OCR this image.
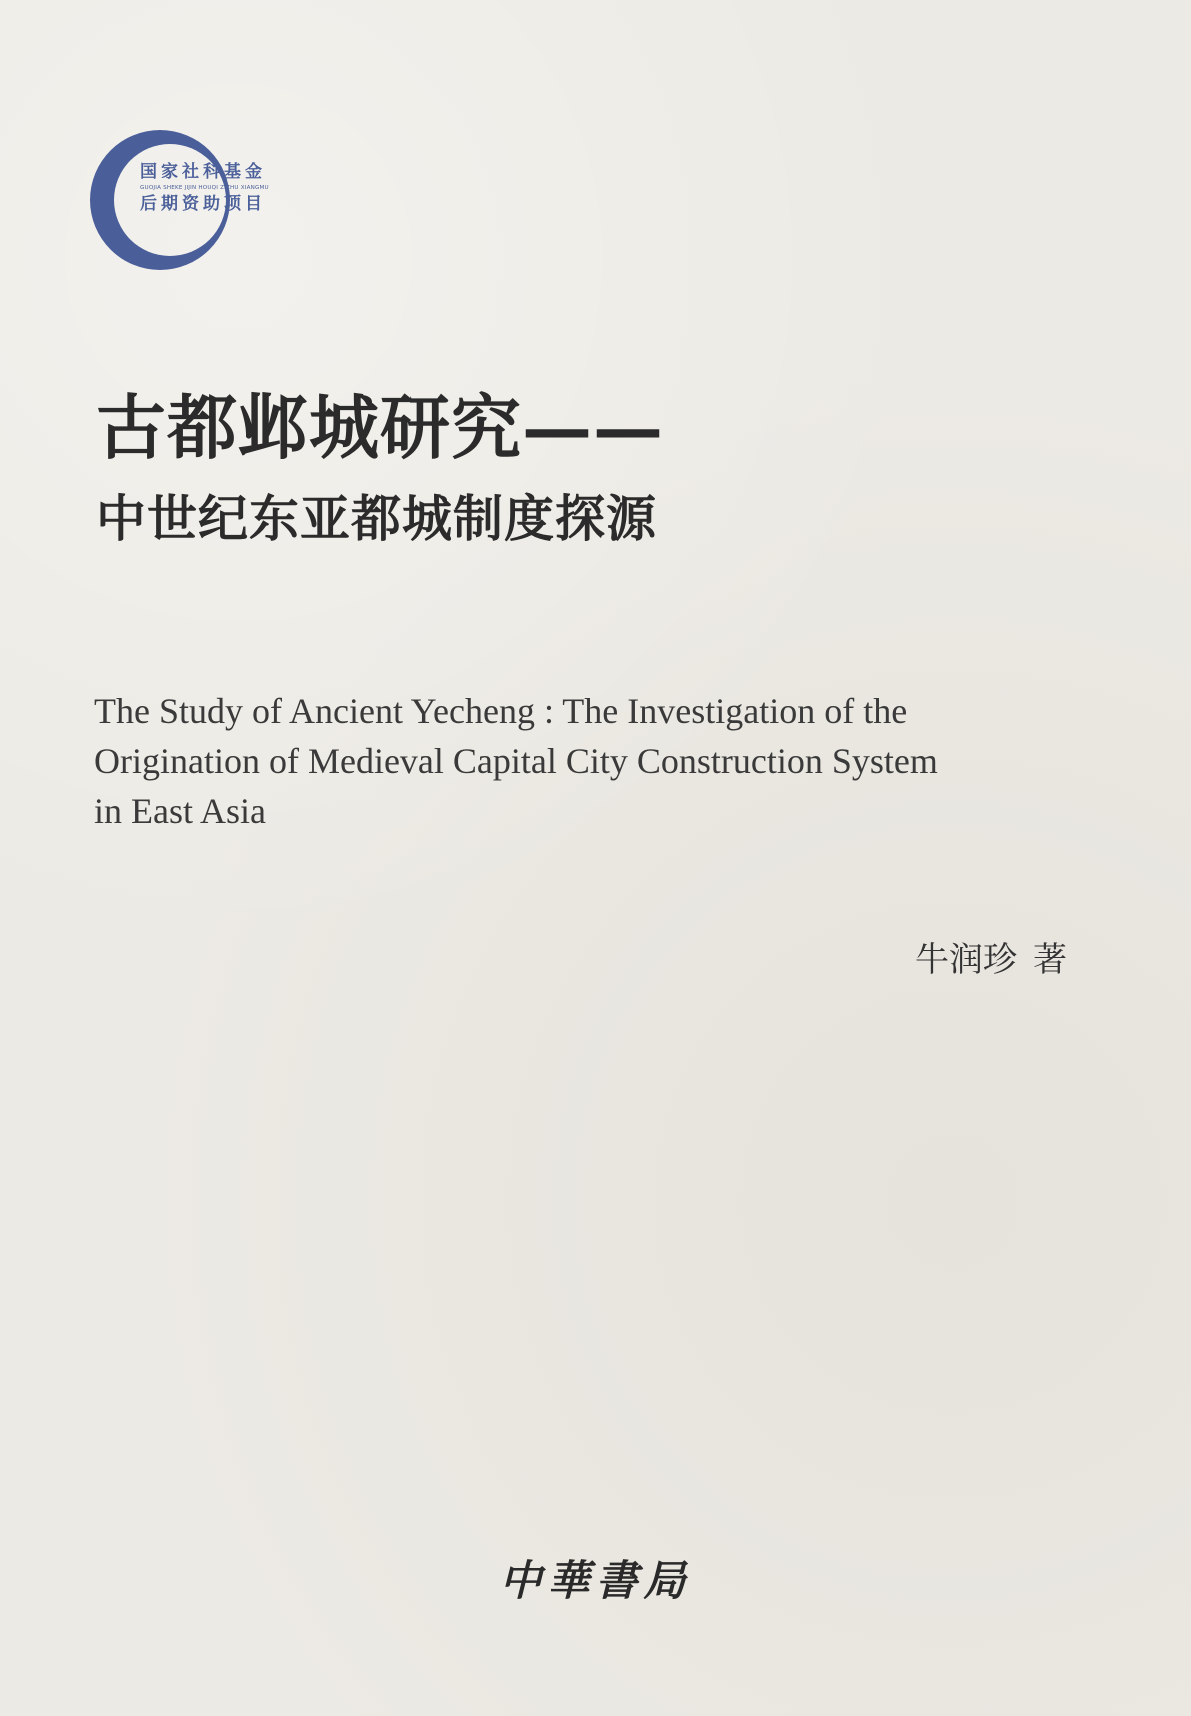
国家社科基金
GUOJIA SHEKE JIJIN HOUQI ZIZHU XIANGMU
后期资助项目
古都邺城研究——
中世纪东亚都城制度探源
The Study of Ancient Yecheng : The Investigation of the
Origination of Medieval Capital City Construction System
in East Asia
牛润珍 著
中華書局
